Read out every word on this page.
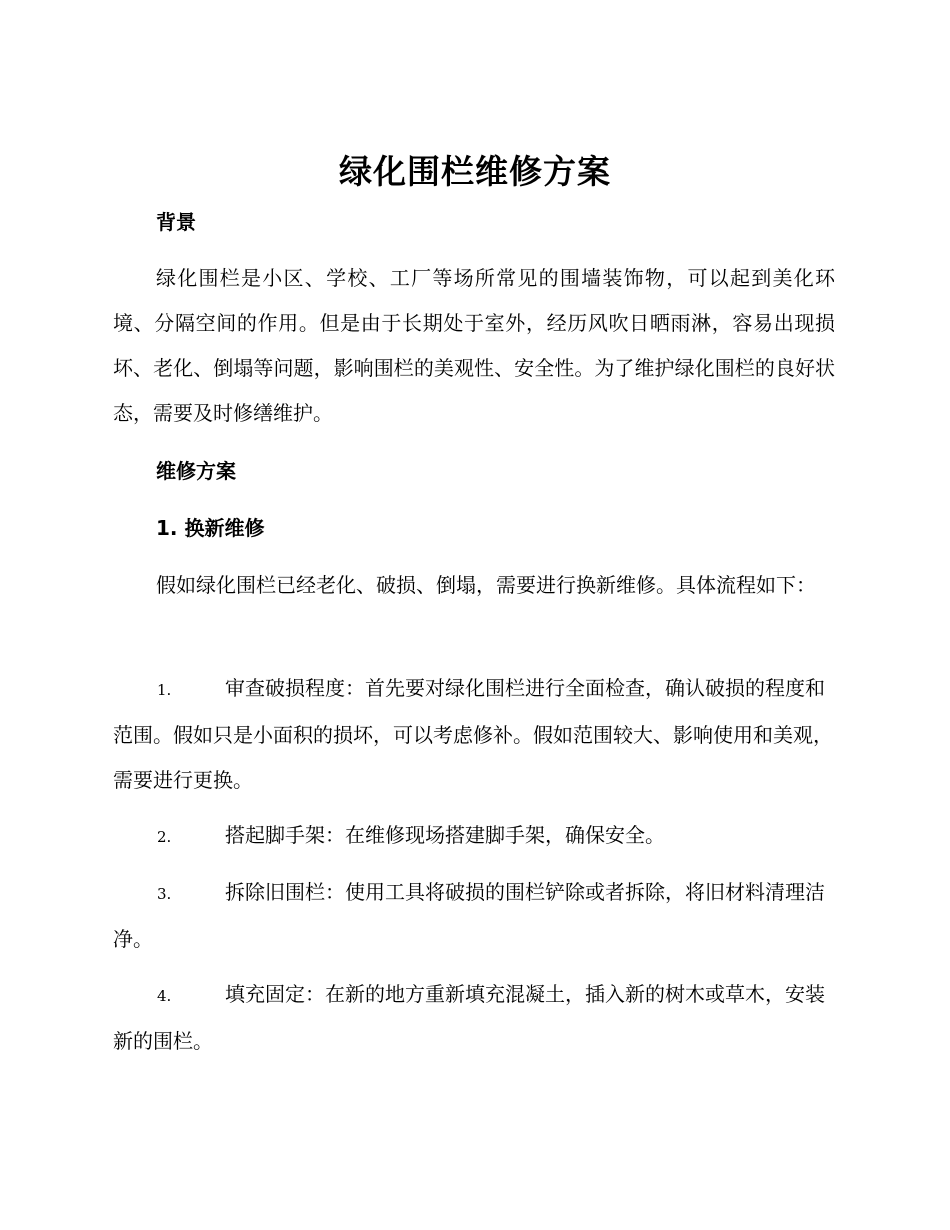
绿化围栏维修方案
背景

绿化围栏是小区、学校、工厂等场所常见的围墙装饰物，可以起到美化环境、分隔空间的作用。但是由于长期处于室外，经历风吹日晒雨淋，容易出现损坏、老化、倒塌等问题，影响围栏的美观性、安全性。为了维护绿化围栏的良好状态，需要及时修缮维护。

维修方案
1. 换新维修

假如绿化围栏已经老化、破损、倒塌，需要进行换新维修。具体流程如下：

1.	审查破损程度：首先要对绿化围栏进行全面检查，确认破损的程度和范围。假如只是小面积的损坏，可以考虑修补。假如范围较大、影响使用和美观，需要进行更换。

2.	搭起脚手架：在维修现场搭建脚手架，确保安全。

3.	拆除旧围栏：使用工具将破损的围栏铲除或者拆除，将旧材料清理洁净。

4.	填充固定：在新的地方重新填充混凝土，插入新的树木或草木，安装新的围栏。
